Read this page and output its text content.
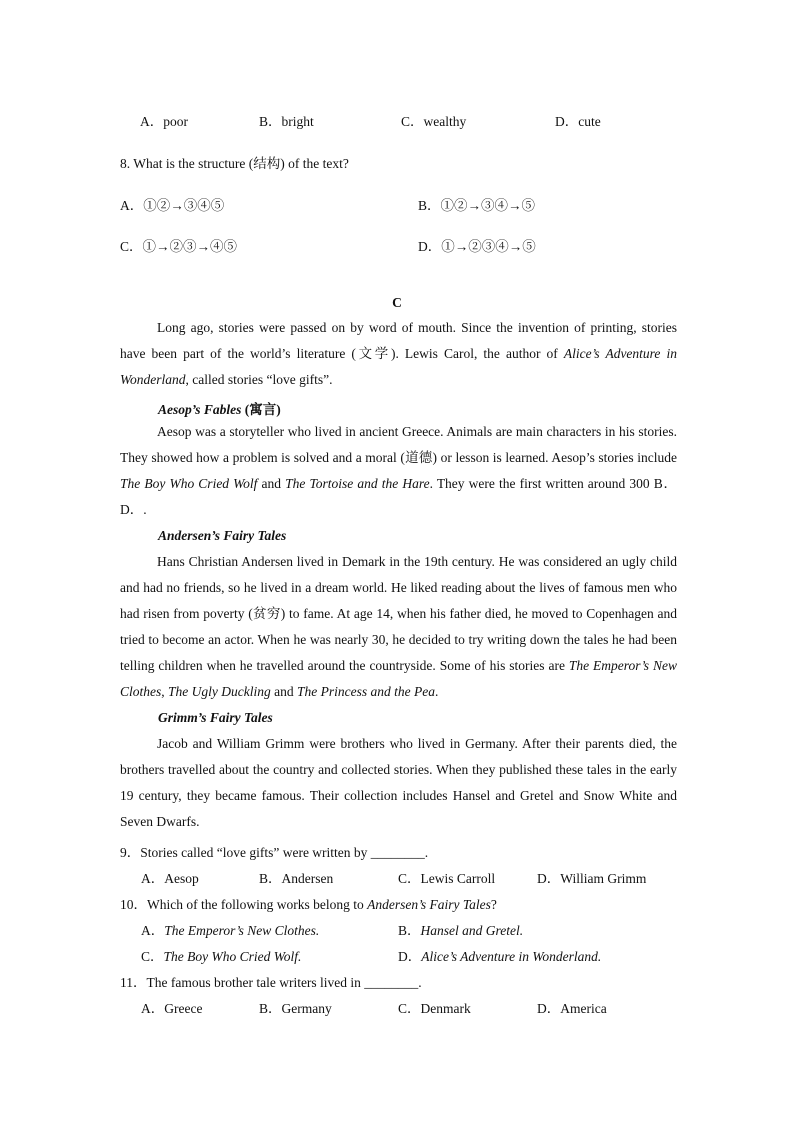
A．poor	B．bright	C．wealthy	D．cute
8. What is the structure (结构) of the text?
A．①②→③④⑤	B．①②→③④→⑤
C．①→②③→④⑤	D．①→②③④→⑤
C

Long ago, stories were passed on by word of mouth. Since the invention of printing, stories have been part of the world’s literature (文学). Lewis Carol, the author of Alice’s Adventure in Wonderland, called stories “love gifts”.

Aesop’s Fables (寓言)

Aesop was a storyteller who lived in ancient Greece. Animals are main characters in his stories. They showed how a problem is solved and a moral (道德) or lesson is learned. Aesop’s stories include The Boy Who Cried Wolf and The Tortoise and the Hare. They were the first written around 300 B．D．.

Andersen’s Fairy Tales

Hans Christian Andersen lived in Demark in the 19th century. He was considered an ugly child and had no friends, so he lived in a dream world. He liked reading about the lives of famous men who had risen from poverty (贫穷) to fame. At age 14, when his father died, he moved to Copenhagen and tried to become an actor. When he was nearly 30, he decided to try writing down the tales he had been telling children when he travelled around the countryside. Some of his stories are The Emperor’s New Clothes, The Ugly Duckling and The Princess and the Pea.

Grimm’s Fairy Tales

Jacob and William Grimm were brothers who lived in Germany. After their parents died, the brothers travelled about the country and collected stories. When they published these tales in the early 19 century, they became famous. Their collection includes Hansel and Gretel and Snow White and Seven Dwarfs.

9．Stories called “love gifts” were written by ________.
A．Aesop	B．Andersen	C．Lewis Carroll	D．William Grimm
10．Which of the following works belong to Andersen’s Fairy Tales?
A．The Emperor’s New Clothes.	B．Hansel and Gretel.
C．The Boy Who Cried Wolf.	D．Alice’s Adventure in Wonderland.
11．The famous brother tale writers lived in ________.
A．Greece	B．Germany	C．Denmark	D．America
